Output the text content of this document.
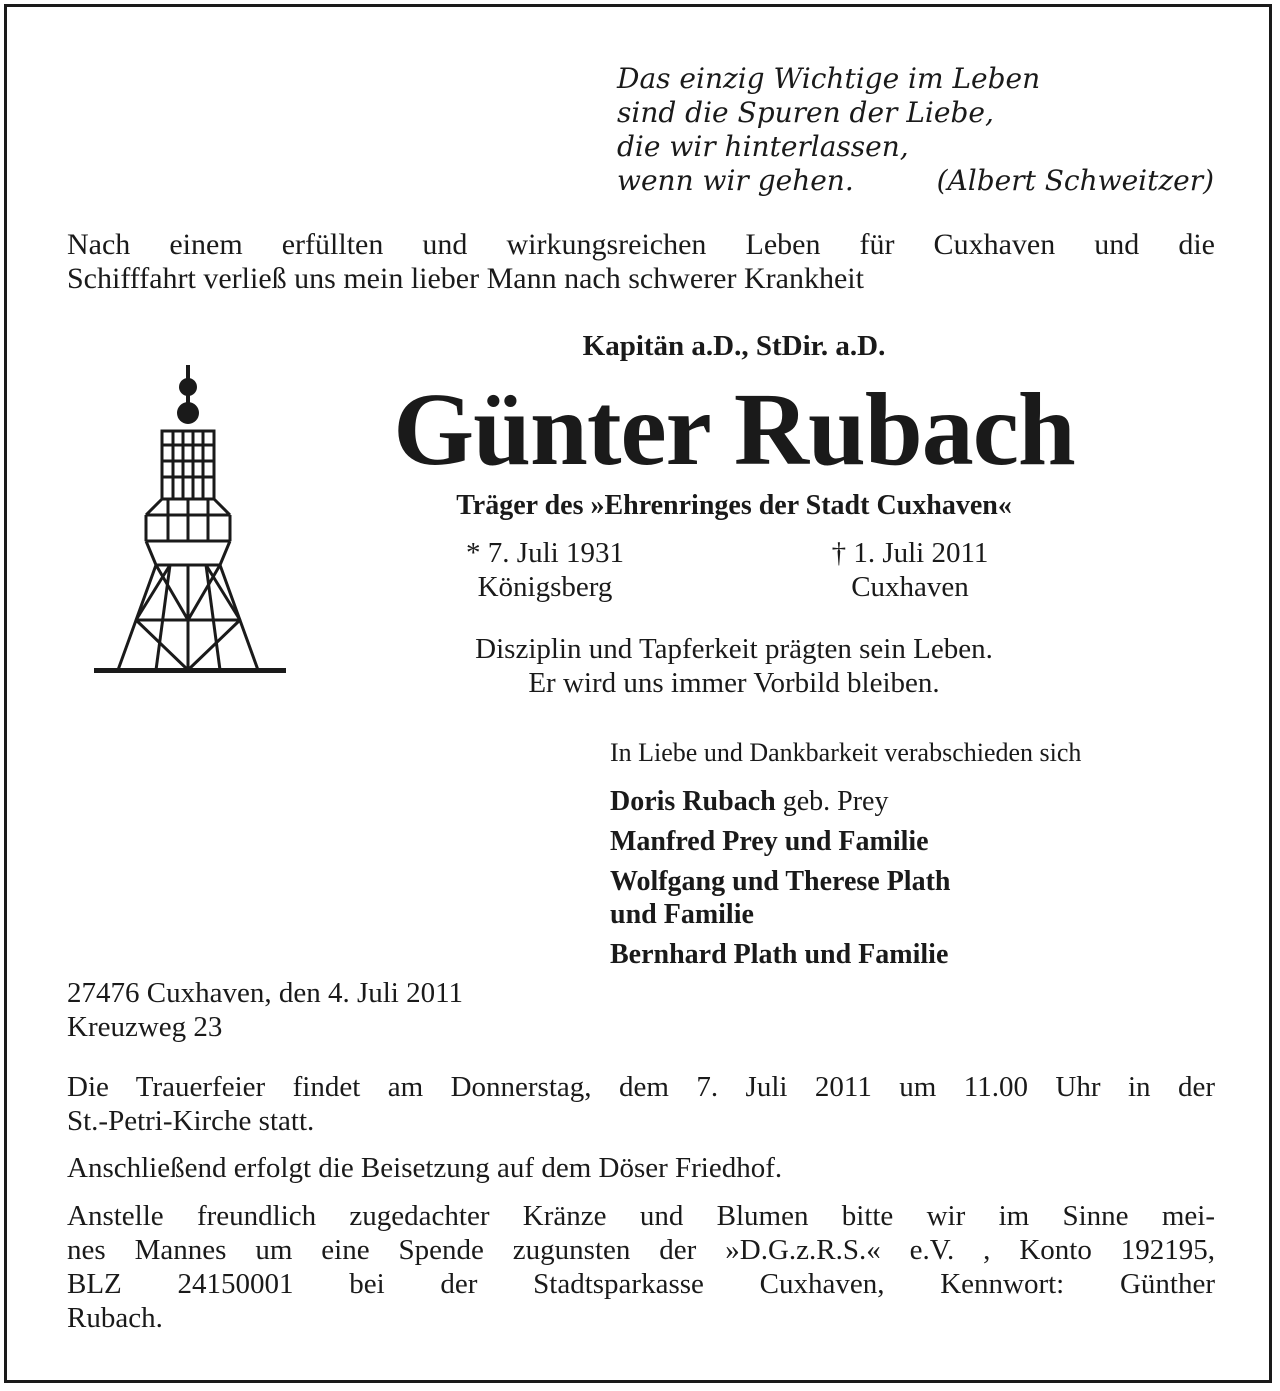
Das einzig Wichtige im Leben
sind die Spuren der Liebe,
die wir hinterlassen,
wenn wir gehen.	(Albert Schweitzer)
Nach einem erfüllten und wirkungsreichen Leben für Cuxhaven und die
Schifffahrt verließ uns mein lieber Mann nach schwerer Krankheit
Kapitän a.D., StDir. a.D.
Günter Rubach
Träger des »Ehrenringes der Stadt Cuxhaven«
* 7. Juli 1931
Königsberg
† 1. Juli 2011
Cuxhaven
Disziplin und Tapferkeit prägten sein Leben.
Er wird uns immer Vorbild bleiben.
In Liebe und Dankbarkeit verabschieden sich
Doris Rubach geb. Prey
Manfred Prey und Familie
Wolfgang und Therese Plath
und Familie
Bernhard Plath und Familie
27476 Cuxhaven, den 4. Juli 2011
Kreuzweg 23
Die Trauerfeier findet am Donnerstag, dem 7. Juli 2011 um 11.00 Uhr in der
St.-Petri-Kirche statt.
Anschließend erfolgt die Beisetzung auf dem Döser Friedhof.
Anstelle freundlich zugedachter Kränze und Blumen bitte wir im Sinne mei-
nes Mannes um eine Spende zugunsten der »D.G.z.R.S.« e.V. , Konto 192195,
BLZ 24150001 bei der Stadtsparkasse Cuxhaven, Kennwort: Günther
Rubach.
